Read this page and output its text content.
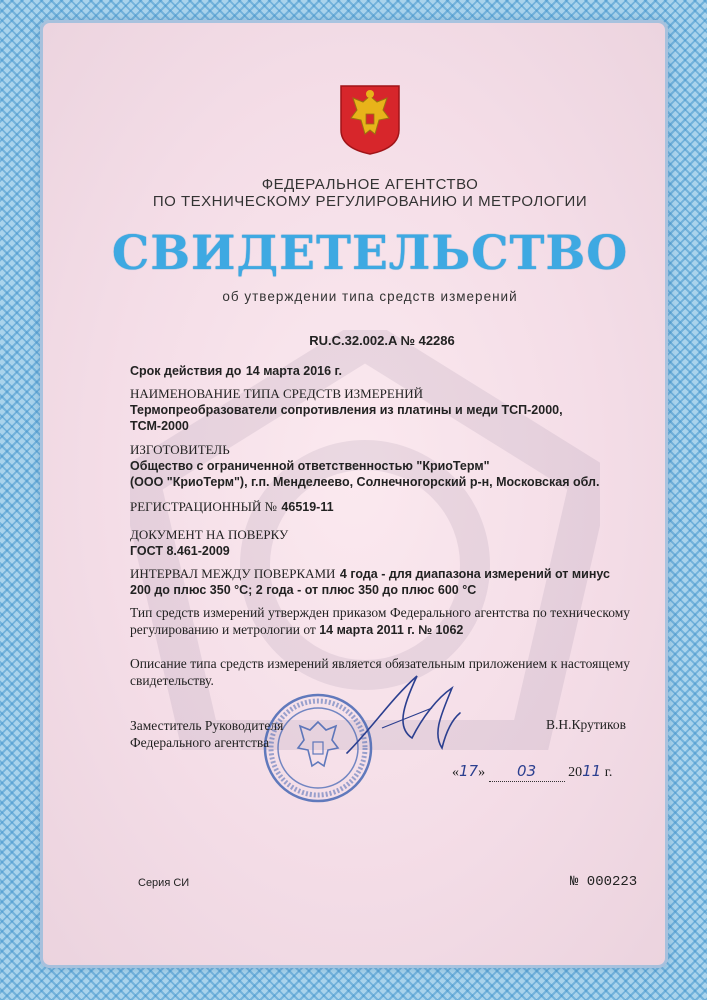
ФЕДЕРАЛЬНОЕ АГЕНТСТВО
ПО ТЕХНИЧЕСКОМУ РЕГУЛИРОВАНИЮ И МЕТРОЛОГИИ
СВИДЕТЕЛЬСТВО
об утверждении типа средств измерений
RU.C.32.002.A № 42286
Срок действия до 14 марта 2016 г.
НАИМЕНОВАНИЕ ТИПА СРЕДСТВ ИЗМЕРЕНИЙ
Термопреобразователи сопротивления из платины и меди ТСП-2000,
ТСМ-2000
ИЗГОТОВИТЕЛЬ
Общество с ограниченной ответственностью "КриоТерм"
(ООО "КриоТерм"), г.п. Менделеево, Солнечногорский р-н, Московская обл.
РЕГИСТРАЦИОННЫЙ № 46519-11
ДОКУМЕНТ НА ПОВЕРКУ
ГОСТ 8.461-2009
ИНТЕРВАЛ МЕЖДУ ПОВЕРКАМИ 4 года - для диапазона измерений от минус
200 до плюс 350 °С; 2 года - от плюс 350 до плюс 600 °С
Тип средств измерений утвержден приказом Федерального агентства по техническому регулированию и метрологии от 14 марта 2011 г. № 1062
Описание типа средств измерений является обязательным приложением к настоящему свидетельству.
Заместитель Руководителя
Федерального агентства
В.Н.Крутиков
«17» 03 2011 г.
Серия СИ	№ 000223
